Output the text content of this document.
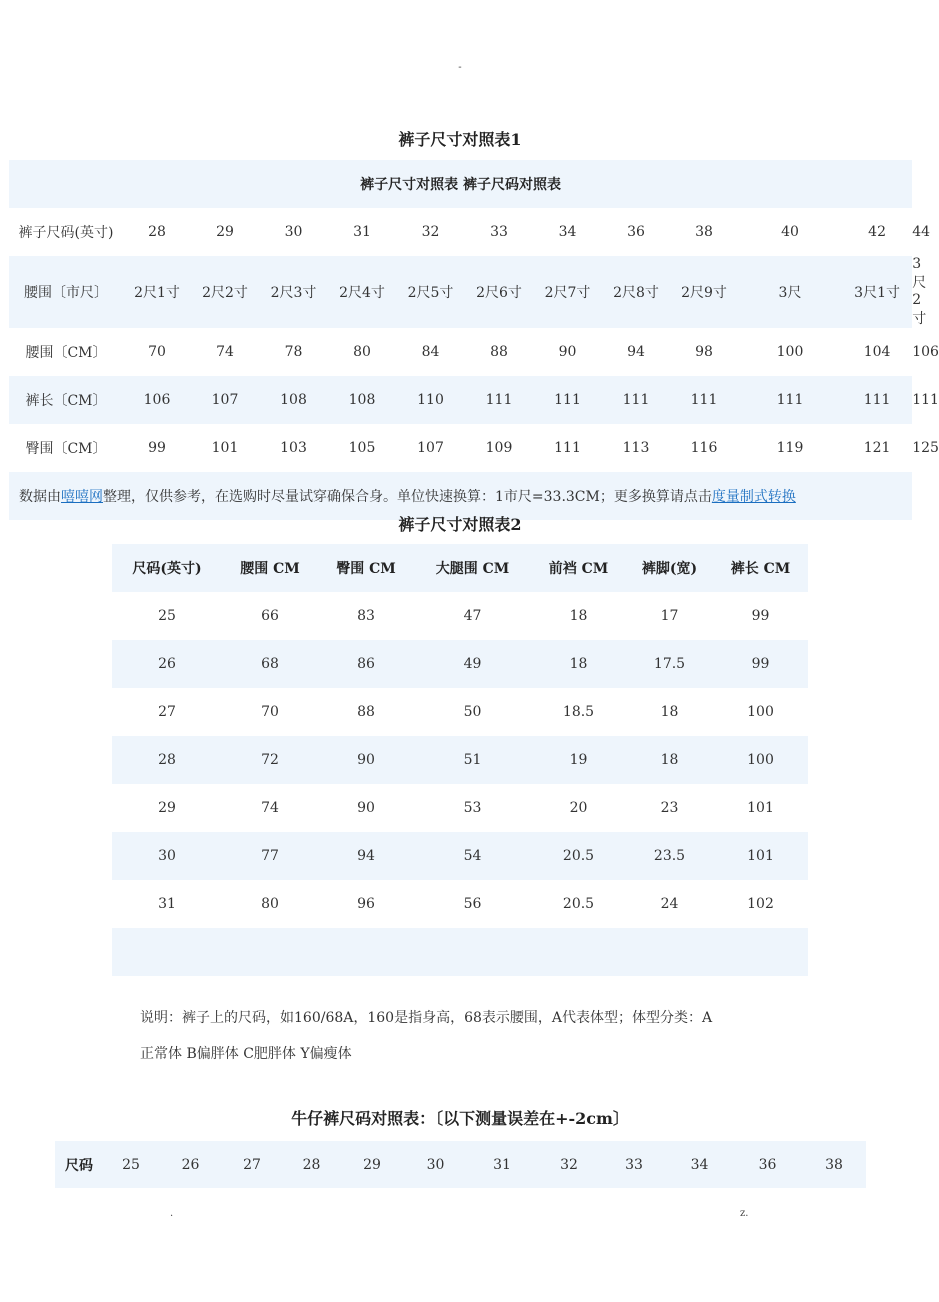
-
裤子尺寸对照表1
裤子尺寸对照表 裤子尺码对照表												
裤子尺码(英寸)	28	29	30	31	32	33	34	36	38	40	42	44
腰围〔市尺〕	2尺1寸	2尺2寸	2尺3寸	2尺4寸	2尺5寸	2尺6寸	2尺7寸	2尺8寸	2尺9寸	3尺	3尺1寸	3尺2寸
腰围〔CM〕	70	74	78	80	84	88	90	94	98	100	104	106
裤长〔CM〕	106	107	108	108	110	111	111	111	111	111	111	111
臀围〔CM〕	99	101	103	105	107	109	111	113	116	119	121	125
数据由嘻嘻网整理，仅供参考，在选购时尽量试穿确保合身。单位快速换算：1市尺=33.3CM；更多换算请点击度量制式转换												
裤子尺寸对照表2
尺码(英寸)	腰围 CM	臀围 CM	大腿围 CM	前裆 CM	裤脚(宽)	裤长 CM
25	66	83	47	18	17	99
26	68	86	49	18	17.5	99
27	70	88	50	18.5	18	100
28	72	90	51	19	18	100
29	74	90	53	20	23	101
30	77	94	54	20.5	23.5	101
31	80	96	56	20.5	24	102

说明：裤子上的尺码，如160/68A，160是指身高，68表示腰围，A代表体型；体型分类：A
正常体 B偏胖体 C肥胖体 Y偏瘦体
牛仔裤尺码对照表：〔以下测量误差在+-2cm〕
尺码	25	26	27	28	29	30	31	32	33	34	36	38
.	z.
